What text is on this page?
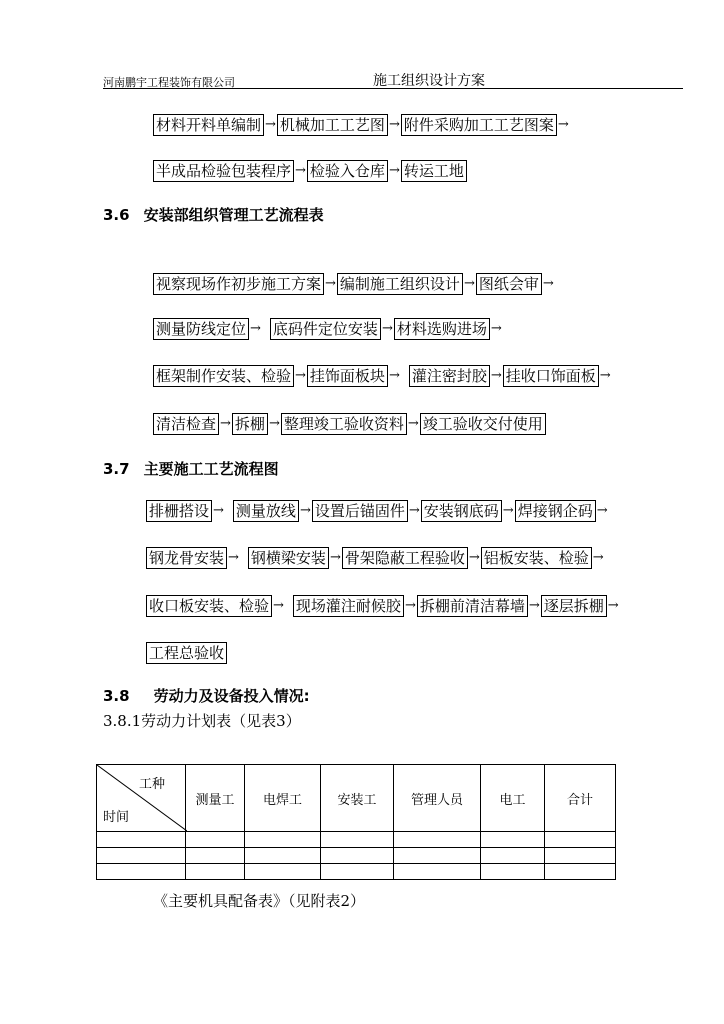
河南鹏宇工程装饰有限公司	施工组织设计方案
材料开料单编制 → 机械加工工艺图 → 附件采购加工工艺图案 →
半成品检验包装程序 → 检验入仓库 → 转运工地
3.6 安装部组织管理工艺流程表
视察现场作初步施工方案 → 编制施工组织设计 → 图纸会审 →
测量防线定位 → 底码件定位安装 → 材料选购进场 →
框架制作安装、检验 → 挂饰面板块 → 灌注密封胶 → 挂收口饰面板 →
清洁检查 → 拆棚 → 整理竣工验收资料 → 竣工验收交付使用
3.7 主要施工工艺流程图
排栅搭设 → 测量放线 → 设置后锚固件 → 安装钢底码 → 焊接钢企码 →
钢龙骨安装 → 钢横梁安装 → 骨架隐蔽工程验收 → 铝板安装、检验 →
收口板安装、检验 → 现场灌注耐候胶 → 拆棚前清洁幕墙 → 逐层拆棚 →
工程总验收
3.8 劳动力及设备投入情况:
3.8.1劳动力计划表（见表3）
工种
时间	测量工	电焊工	安装工	管理人员	电工	合计

《主要机具配备表》（见附表2）
